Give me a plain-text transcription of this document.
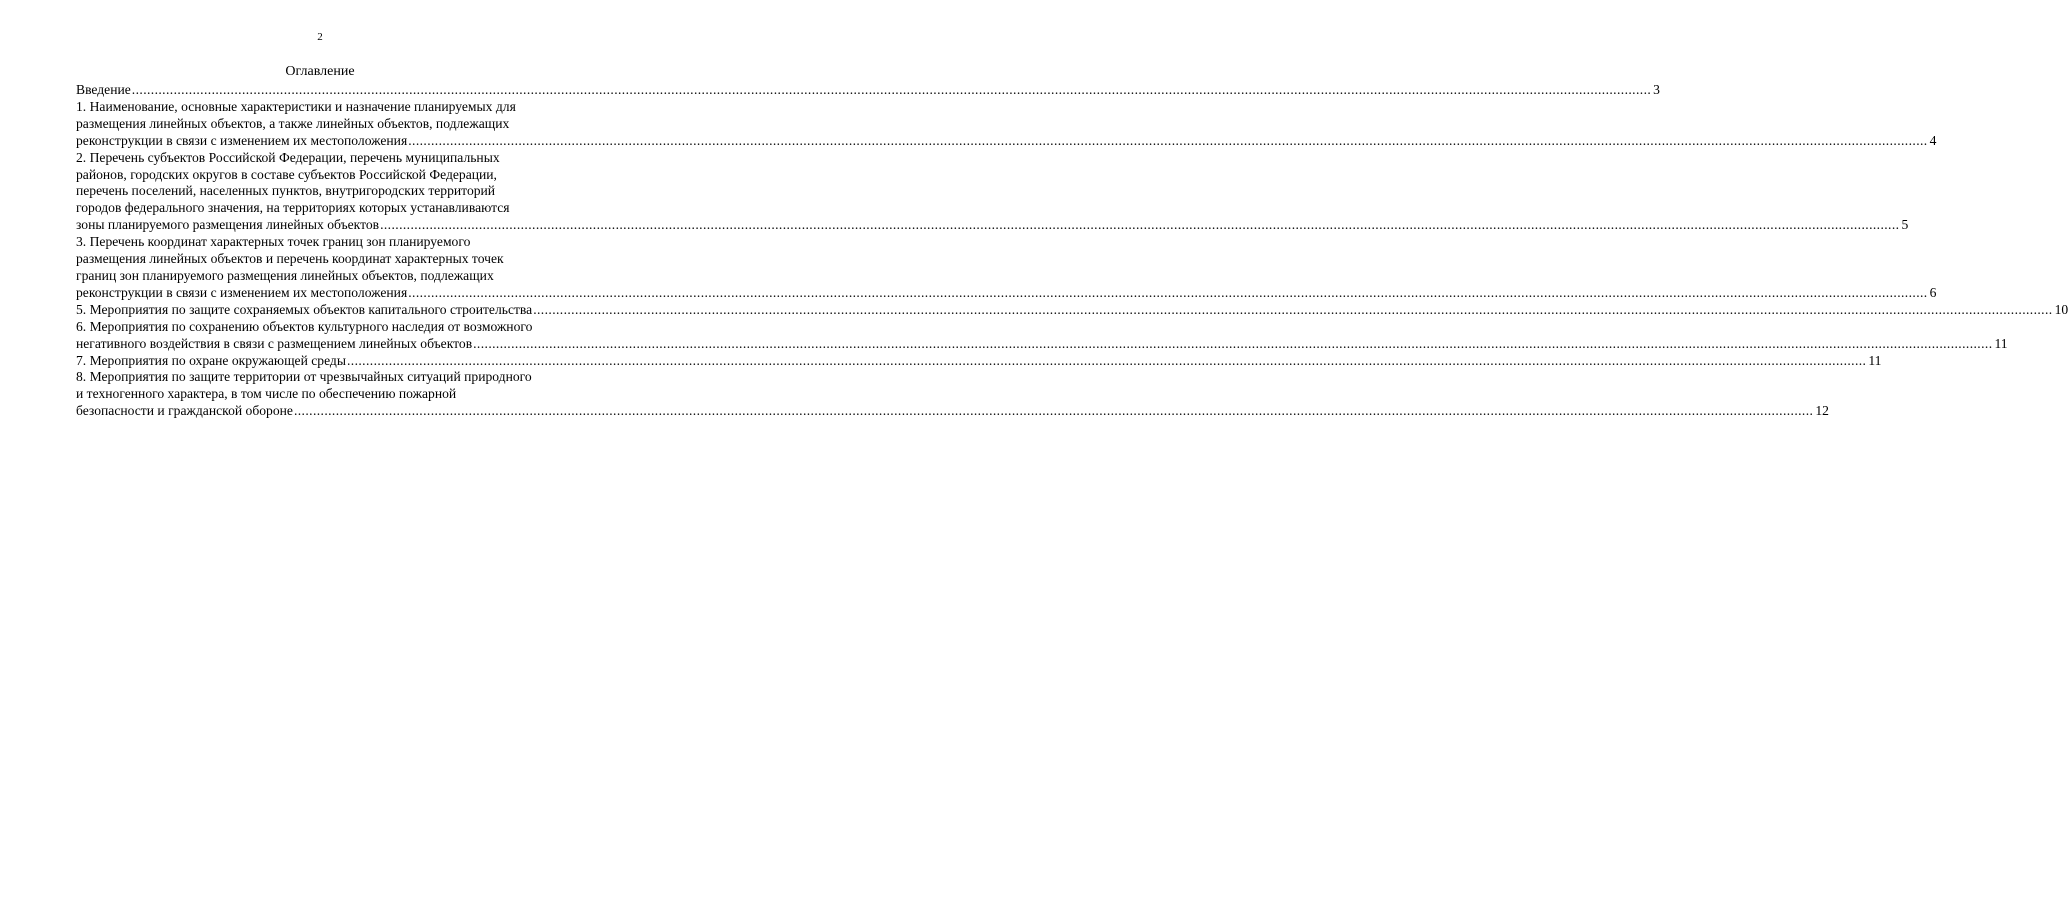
2
Оглавление
Введение ................................................................................................................................................................................................................................................................................................................................................................................................................ 3
1. Наименование, основные характеристики и назначение планируемых для
размещения линейных объектов, а также линейных объектов, подлежащих
реконструкции в связи с изменением их местоположения ................................................................................................................................................................................................................................................................................................................................................................................................................ 4
2. Перечень субъектов Российской Федерации, перечень муниципальных
районов, городских округов в составе субъектов Российской Федерации,
перечень поселений, населенных пунктов, внутригородских территорий
городов федерального значения, на территориях которых устанавливаются
зоны планируемого размещения линейных объектов ................................................................................................................................................................................................................................................................................................................................................................................................................ 5
3. Перечень координат характерных точек границ зон планируемого
размещения линейных объектов и перечень координат характерных точек
границ зон планируемого размещения линейных объектов, подлежащих
реконструкции в связи с изменением их местоположения ................................................................................................................................................................................................................................................................................................................................................................................................................ 6
5. Мероприятия по защите сохраняемых объектов капитального строительства ................................................................................................................................................................................................................................................................................................................................................................................................................ 10
6. Мероприятия по сохранению объектов культурного наследия от возможного
негативного воздействия в связи с размещением линейных объектов ................................................................................................................................................................................................................................................................................................................................................................................................................ 11
7. Мероприятия по охране окружающей среды ................................................................................................................................................................................................................................................................................................................................................................................................................ 11
8. Мероприятия по защите территории от чрезвычайных ситуаций природного
и техногенного характера, в том числе по обеспечению пожарной
безопасности и гражданской обороне ................................................................................................................................................................................................................................................................................................................................................................................................................ 12
